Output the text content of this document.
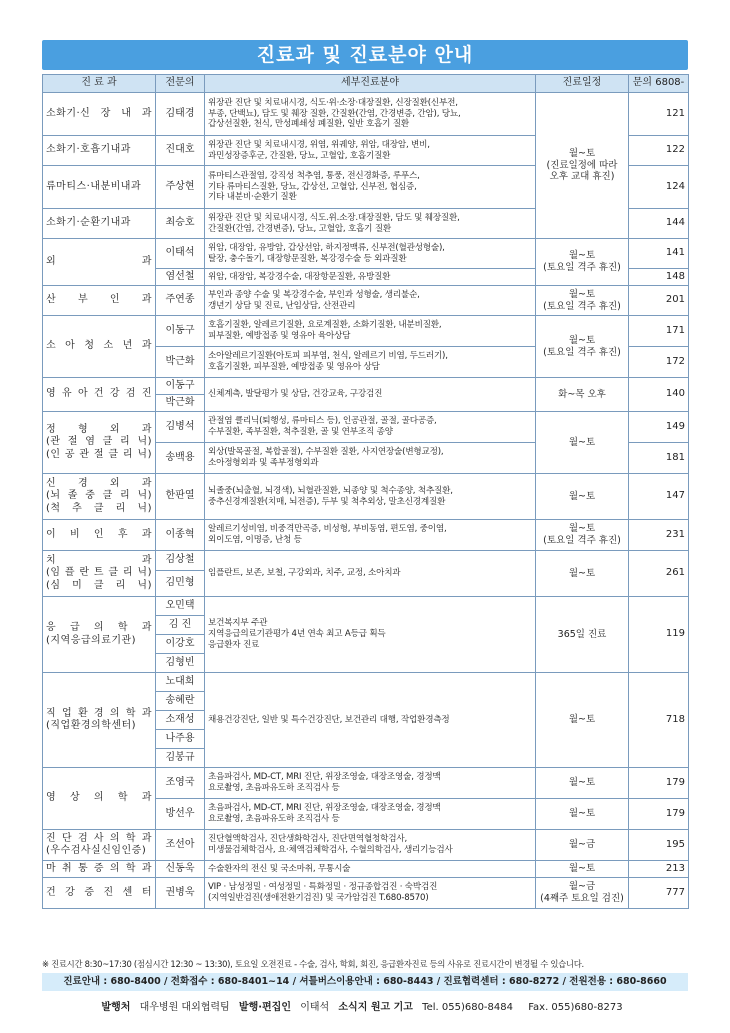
진료과 및 진료분야 안내
진 료 과	전문의	세부진료분야	진료일정	문의 6808-
소화기·신 장 내 과	김태경	위장관 진단 및 치료내시경, 식도·위·소장·대장질환, 신장질환(신부전,
부종, 단백뇨), 담도 및 췌장 질환, 간질환(간염, 간경변증, 간암), 당뇨,
갑상선질환, 천식, 만성폐쇄성 폐질환, 일반 호흡기 질환	월~토
(진료일정에 따라
오후 교대 휴진)	121
소화기·호흡기내과	진대호	위장관 진단 및 치료내시경, 위염, 위궤양, 위암, 대장암, 변비,
과민성장증후군, 간질환, 당뇨, 고혈압, 호흡기질환		122
류마티스·내분비내과	주상현	류마티스관절염, 강직성 척추염, 통풍, 전신경화증, 루푸스,
기타 류마티스질환, 당뇨, 갑상선, 고혈압, 신부전, 협심증,
기타 내분비·순환기 질환		124
소화기·순환기내과	최승호	위장관 진단 및 치료내시경, 식도.위.소장.대장질환, 담도 및 췌장질환,
간질환(간염, 간경변증), 당뇨, 고혈압, 호흡기 질환		144
외 과	이태석	위암, 대장암, 유방암, 갑상선암, 하지정맥류, 신부전(혈관성형술),
탈장, 충수돌기, 대장항문질환, 복강경수술 등 외과질환	월~토
(토요일 격주 휴진)	141
	염선철	위암, 대장암, 복강경수술, 대장항문질환, 유방질환		148
산 부 인 과	주연종	부인과 종양 수술 및 복강경수술, 부인과 성형술, 생리불순,
갱년기 상담 및 진료, 난임상담, 산전관리	월~토
(토요일 격주 휴진)	201
소 아 청 소 년 과	이동구	호흡기질환, 알레르기질환, 요로계질환, 소화기질환, 내분비질환,
피부질환, 예방접종 및 영유아 육아상담	월~토
(토요일 격주 휴진)	171
	박근화	소아알레르기질환(아토피 피부염, 천식, 알레르기 비염, 두드러기),
호흡기질환, 피부질환, 예방접종 및 영유아 상담		172
영 유 아 건 강 검 진	이동구	신체계측, 발달평가 및 상담, 건강교육, 구강검진	화~목 오후	140
	박근화			
정 형 외 과
(관 절 염 클 리 닉)
(인 공 관 절 클 리 닉)	김병석	관절염 클리닉(퇴행성, 류마티스 등), 인공관절, 골절, 골다공증,
수부질환, 족부질환, 척추질환, 골 및 연부조직 종양	월~토	149
	송백용	외상(발목골절, 복합골절), 수부질환 질환, 사지연장술(변형교정),
소아정형외과 및 족부정형외과		181
신 경 외 과
(뇌 졸 중 클 리 닉)
(척 추 클 리 닉)	한판열	뇌졸중(뇌출혈, 뇌경색), 뇌혈관질환, 뇌종양 및 척수종양, 척추질환,
중추신경계질환(치매, 뇌전증), 두부 및 척추외상, 말초신경계질환	월~토	147
이 비 인 후 과	이종혁	알레르기성비염, 비중격만곡증, 비성형, 부비동염, 편도염, 중이염,
외이도염, 이명증, 난청 등	월~토
(토요일 격주 휴진)	231
치 과
(임 플 란 트 클 리 닉)
(심 미 클 리 닉)	김상철	임플란트, 보존, 보철, 구강외과, 치주, 교정, 소아치과	월~토	261
	김민형			
응 급 의 학 과
(지역응급의료기관)	오민택	보건복지부 주관
지역응급의료기관평가 4년 연속 최고 A등급 획득
응급환자 진료	365일 진료	119
	김 진			
	이강호			
	김형빈			
직 업 환 경 의 학 과
(직업환경의학센터)	노대희	채용건강진단, 일반 및 특수건강진단, 보건관리 대행, 작업환경측정	월~토	718
	송혜란			
	소재성			
	나주용			
	김봉규			
영 상 의 학 과	조영국	초음파검사, MD-CT, MRI 진단, 위장조영술, 대장조영술, 경정맥
요로촬영, 초음파유도하 조직검사 등	월~토	179
	방선우	초음파검사, MD-CT, MRI 진단, 위장조영술, 대장조영술, 경정맥
요로촬영, 초음파유도하 조직검사 등	월~토	179
진 단 검 사 의 학 과
(우수검사실신임인증)	조선아	진단혈액학검사, 진단생화학검사, 진단면역혈청학검사,
미생물검체학검사, 요·체액검체학검사, 수혈의학검사, 생리기능검사	월~금	195
마 취 통 증 의 학 과	신동욱	수술환자의 전신 및 국소마취, 무통시술	월~토	213
건 강 증 진 센 터	권병욱	VIP · 남성정밀 · 여성정밀 · 특화정밀 · 정규종합검진 · 숙박검진
(지역일반검진(생애전환기검진) 및 국가암검진 T.680-8570)	월~금
(4째주 토요일 검진)	777
※ 진료시간 8:30~17:30 (점심시간 12:30 ~ 13:30), 토요일 오전진료 - 수술, 검사, 학회, 회진, 응급환자진료 등의 사유로 진료시간이 변경될 수 있습니다.
진료안내 : 680-8400 / 전화접수 : 680-8401~14 / 셔틀버스이용안내 : 680-8443 / 진료협력센터 : 680-8272 / 전원전용 : 680-8660
발행처 대우병원 대외협력팀 발행·편집인 이태석 소식지 원고 기고 Tel. 055)680-8484 Fax. 055)680-8273
